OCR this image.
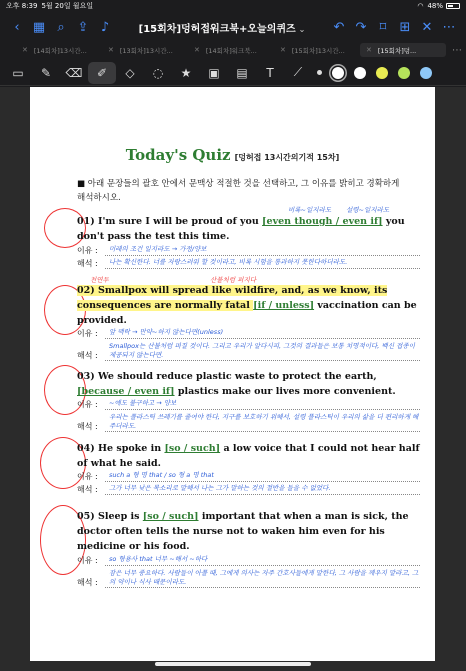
오후 8:39 5월 20일 월요일	◠ 48%
‹	▦ ⌕ ⇪ ♪	[15회차]덩허접워크북+오늘의퀴즈 ⌄	↶ ↷	⌑	⊞ ✕ ⋯
✕ [14회차]13시간...	✕ [13회차]13시간...	✕ [14회차]워크북...	✕ [15회차]13시간...	✕ [15회차]덩...	⋯
▭	✎	⌫	✐	◇	◌	★	▣	▤	T	⟋
Today's Quiz [덩허접 13시간의기적 15차]
■ 아래 문장들의 괄호 안에서 문맥상 적절한 것을 선택하고, 그 이유를 밝히고 경확하게 해석하시오.
비록~일지라도 설령~일지라도
01) I'm sure I will be proud of you [even though / even if] you don't pass the test this time.
이유 : 미래의 조건 일지라도 → 가정/양보
해석 : 나는 확신한다. 너를 자랑스러워 할 것이라고, 비록 시험을 통과하지 못한다하더라도.
천연두	산불처럼 퍼지다
02) Smallpox will spread like wildfire, and, as we know, its consequences are normally fatal [if / unless] vaccination can be provided.
이유 : 앞 맥락 → 만약~하지 않는다면(unless)
해석 :
Smallpox는 산불처럼 퍼질 것이다. 그리고 우리가 알다시피, 그것의 결과들은 보통 치명적이다, 백신 접종이 제공되지 않는다면.
03) We should reduce plastic waste to protect the earth, [because / even if] plastics make our lives more convenient.
이유 : ~에도 불구하고 → 양보
해석 :
우리는 플라스틱 쓰레기를 줄여야 한다, 지구를 보호하기 위해서, 설령 플라스틱이 우리의 삶을 더 편리하게 해주더라도.
04) He spoke in [so / such] a low voice that I could not hear half of what he said.
이유 : such a 형 명 that / so 형 a 명 that
해석 : 그가 너무 낮은 목소리로 말해서 나는 그가 말하는 것의 절반을 들을 수 없었다.
05) Sleep is [so / such] important that when a man is sick, the doctor often tells the nurse not to waken him even for his medicine or his food.
이유 : so 형용사 that 너무 ~해서 ~하다
해석 :
잠은 너무 중요하다. 사람들이 아플 때, 그에게 의사는 자주 간호사들에게 말한다, 그 사람을 깨우지 말라고, 그의 약이나 식사 때문이라도.
